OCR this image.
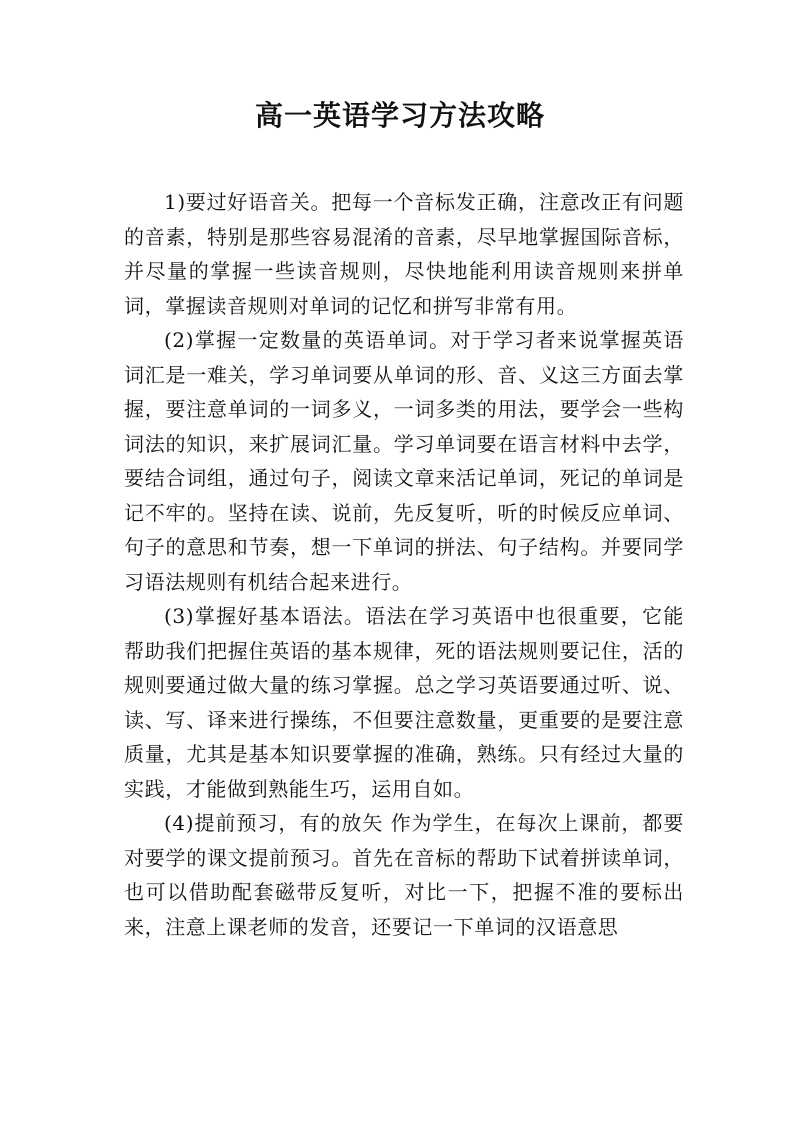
高一英语学习方法攻略

1)要过好语音关。把每一个音标发正确，注意改正有问题的音素，特别是那些容易混淆的音素，尽早地掌握国际音标，并尽量的掌握一些读音规则，尽快地能利用读音规则来拼单词，掌握读音规则对单词的记忆和拼写非常有用。

(2)掌握一定数量的英语单词。对于学习者来说掌握英语词汇是一难关，学习单词要从单词的形、音、义这三方面去掌握，要注意单词的一词多义，一词多类的用法，要学会一些构词法的知识，来扩展词汇量。学习单词要在语言材料中去学，要结合词组，通过句子，阅读文章来活记单词，死记的单词是记不牢的。坚持在读、说前，先反复听，听的时候反应单词、句子的意思和节奏，想一下单词的拼法、句子结构。并要同学习语法规则有机结合起来进行。

(3)掌握好基本语法。语法在学习英语中也很重要，它能帮助我们把握住英语的基本规律，死的语法规则要记住，活的规则要通过做大量的练习掌握。总之学习英语要通过听、说、读、写、译来进行操练，不但要注意数量，更重要的是要注意质量，尤其是基本知识要掌握的准确，熟练。只有经过大量的实践，才能做到熟能生巧，运用自如。

(4)提前预习，有的放矢 作为学生，在每次上课前，都要对要学的课文提前预习。首先在音标的帮助下试着拼读单词，也可以借助配套磁带反复听，对比一下，把握不准的要标出来，注意上课老师的发音，还要记一下单词的汉语意思
